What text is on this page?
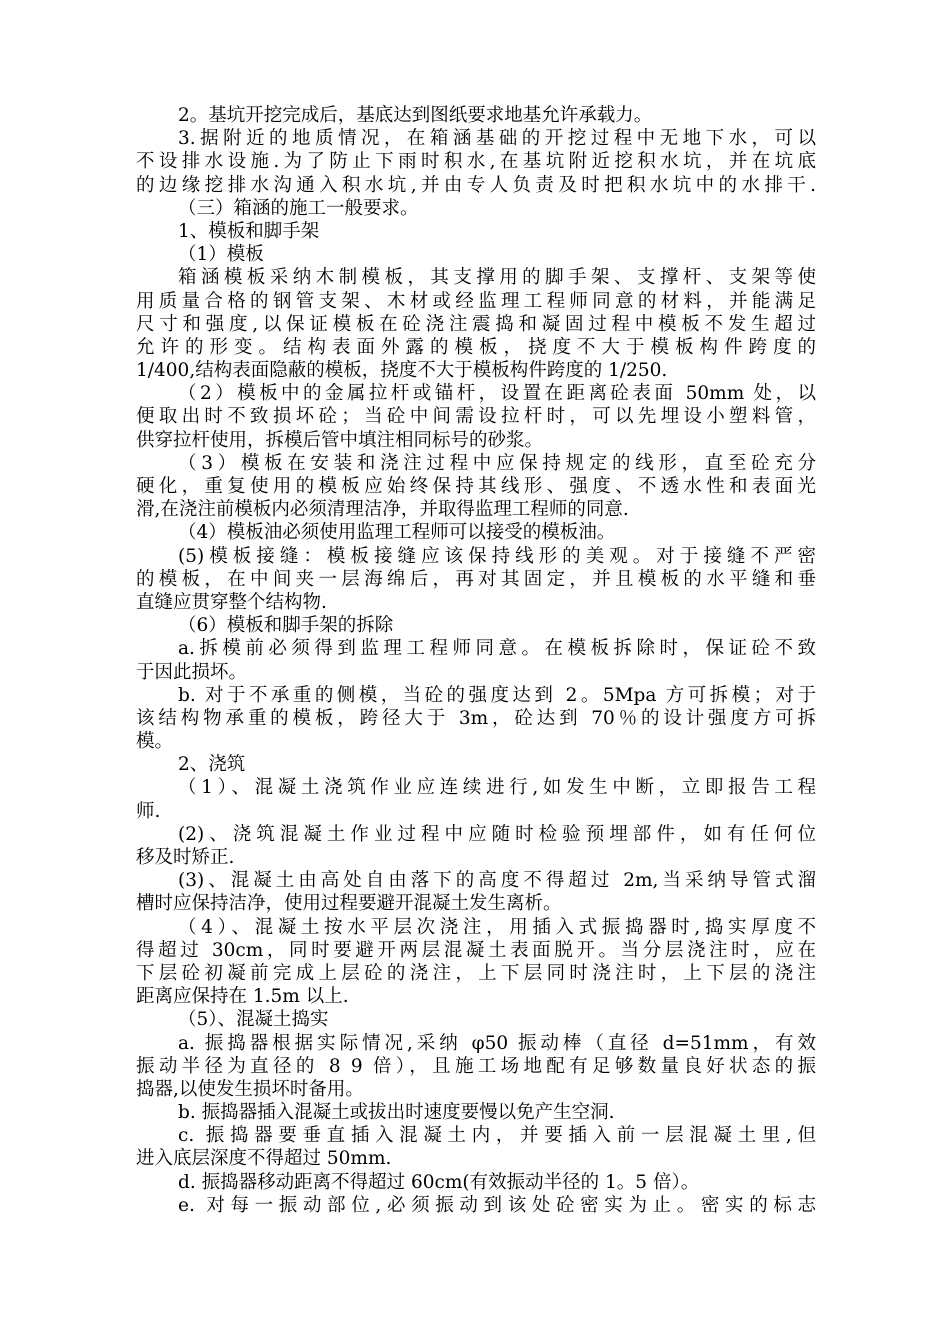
2。基坑开挖完成后，基底达到图纸要求地基允许承载力。
3.据附近的地质情况，在箱涵基础的开挖过程中无地下水，可以
不设排水设施.为了防止下雨时积水,在基坑附近挖积水坑，并在坑底
的边缘挖排水沟通入积水坑,并由专人负责及时把积水坑中的水排干.
（三）箱涵的施工一般要求。
1、模板和脚手架
（1）模板
箱涵模板采纳木制模板，其支撑用的脚手架、支撑杆、支架等使
用质量合格的钢管支架、木材或经监理工程师同意的材料，并能满足
尺寸和强度,以保证模板在砼浇注震捣和凝固过程中模板不发生超过
允许的形变。结构表面外露的模板，挠度不大于模板构件跨度的
1/400,结构表面隐蔽的模板，挠度不大于模板构件跨度的 1/250.
（2）模板中的金属拉杆或锚杆，设置在距离砼表面 50mm 处，以
便取出时不致损坏砼；当砼中间需设拉杆时，可以先埋设小塑料管，
供穿拉杆使用，拆模后管中填注相同标号的砂浆。
（3）模板在安装和浇注过程中应保持规定的线形，直至砼充分
硬化，重复使用的模板应始终保持其线形、强度、不透水性和表面光
滑,在浇注前模板内必须清理洁净，并取得监理工程师的同意.
（4）模板油必须使用监理工程师可以接受的模板油。
(5)模板接缝：模板接缝应该保持线形的美观。对于接缝不严密
的模板，在中间夹一层海绵后，再对其固定，并且模板的水平缝和垂
直缝应贯穿整个结构物.
（6）模板和脚手架的拆除
a.拆模前必须得到监理工程师同意。在模板拆除时，保证砼不致
于因此损坏。
b. 对于不承重的侧模，当砼的强度达到 2。5Mpa 方可拆模；对于
该结构物承重的模板，跨径大于 3m，砼达到 70％的设计强度方可拆
模。
2、浇筑
（1）、混凝土浇筑作业应连续进行,如发生中断，立即报告工程
师.
(2)、浇筑混凝土作业过程中应随时检验预埋部件，如有任何位
移及时矫正.
(3)、混凝土由高处自由落下的高度不得超过 2m,当采纳导管式溜
槽时应保持洁净，使用过程要避开混凝土发生离析。
（4）、混凝土按水平层次浇注，用插入式振捣器时,捣实厚度不
得超过 30cm，同时要避开两层混凝土表面脱开。当分层浇注时，应在
下层砼初凝前完成上层砼的浇注，上下层同时浇注时，上下层的浇注
距离应保持在 1.5m 以上.
（5）、混凝土捣实
a. 振捣器根据实际情况,采纳 φ50 振动棒（直径 d=51mm，有效
振动半径为直径的 8 9 倍），且施工场地配有足够数量良好状态的振
捣器,以使发生损坏时备用。
b. 振捣器插入混凝土或拔出时速度要慢以免产生空洞.
c. 振捣器要垂直插入混凝土内，并要插入前一层混凝土里,但
进入底层深度不得超过 50mm.
d. 振捣器移动距离不得超过 60cm(有效振动半径的 1。5 倍）。
e. 对每一振动部位,必须振动到该处砼密实为止。密实的标志
